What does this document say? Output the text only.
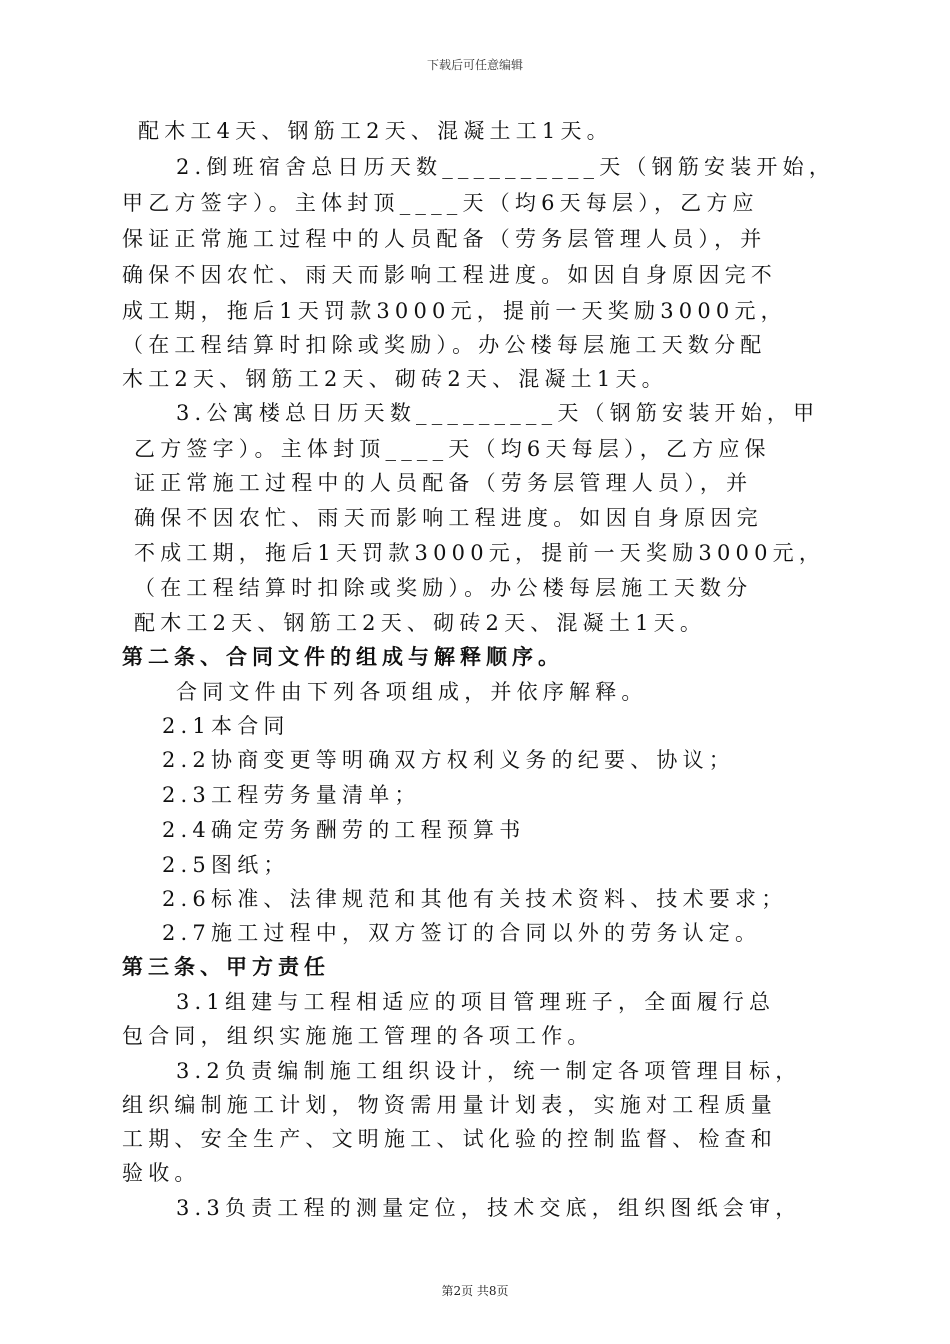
下载后可任意编辑
配木工4天、钢筋工2天、混凝土工1天。
2.倒班宿舍总日历天数__________天（钢筋安装开始，
甲乙方签字）。主体封顶____天（均6天每层），乙方应
保证正常施工过程中的人员配备（劳务层管理人员），并
确保不因农忙、雨天而影响工程进度。如因自身原因完不
成工期，拖后1天罚款3000元，提前一天奖励3000元，
（在工程结算时扣除或奖励）。办公楼每层施工天数分配
木工2天、钢筋工2天、砌砖2天、混凝土1天。
3.公寓楼总日历天数_________天（钢筋安装开始，甲
乙方签字）。主体封顶____天（均6天每层），乙方应保
证正常施工过程中的人员配备（劳务层管理人员），并
确保不因农忙、雨天而影响工程进度。如因自身原因完
不成工期，拖后1天罚款3000元，提前一天奖励3000元，
（在工程结算时扣除或奖励）。办公楼每层施工天数分
配木工2天、钢筋工2天、砌砖2天、混凝土1天。
第二条、合同文件的组成与解释顺序。
合同文件由下列各项组成，并依序解释。
2.1本合同
2.2协商变更等明确双方权利义务的纪要、协议；
2.3工程劳务量清单；
2.4确定劳务酬劳的工程预算书
2.5图纸；
2.6标准、法律规范和其他有关技术资料、技术要求；
2.7施工过程中，双方签订的合同以外的劳务认定。
第三条、甲方责任
3.1组建与工程相适应的项目管理班子，全面履行总
包合同，组织实施施工管理的各项工作。
3.2负责编制施工组织设计，统一制定各项管理目标，
组织编制施工计划，物资需用量计划表，实施对工程质量
工期、安全生产、文明施工、试化验的控制监督、检查和
验收。
3.3负责工程的测量定位，技术交底，组织图纸会审，
第2页 共8页
